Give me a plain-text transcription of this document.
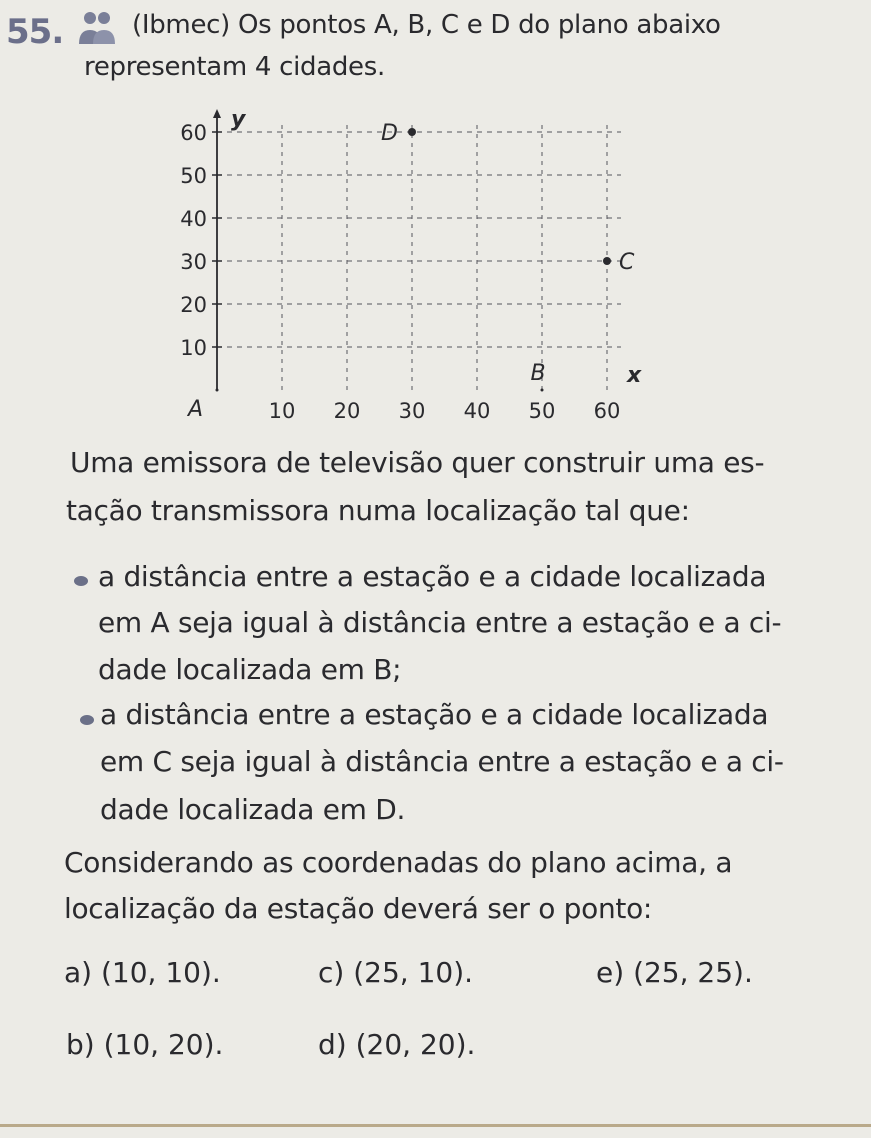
55.	(Ibmec) Os pontos A, B, C e D do plano abaixo
representam 4 cidades.
10 20 30 40 50 60
10
20
30
40
50
60
y
x
A
B
C
D
Uma emissora de televisão quer construir uma es-
tação transmissora numa localização tal que:
a distância entre a estação e a cidade localizada
em A seja igual à distância entre a estação e a ci-
dade localizada em B;
a distância entre a estação e a cidade localizada
em C seja igual à distância entre a estação e a ci-
dade localizada em D.
Considerando as coordenadas do plano acima, a
localização da estação deverá ser o ponto:
a) (10, 10).	c) (25, 10).	e) (25, 25).
b) (10, 20).	d) (20, 20).
